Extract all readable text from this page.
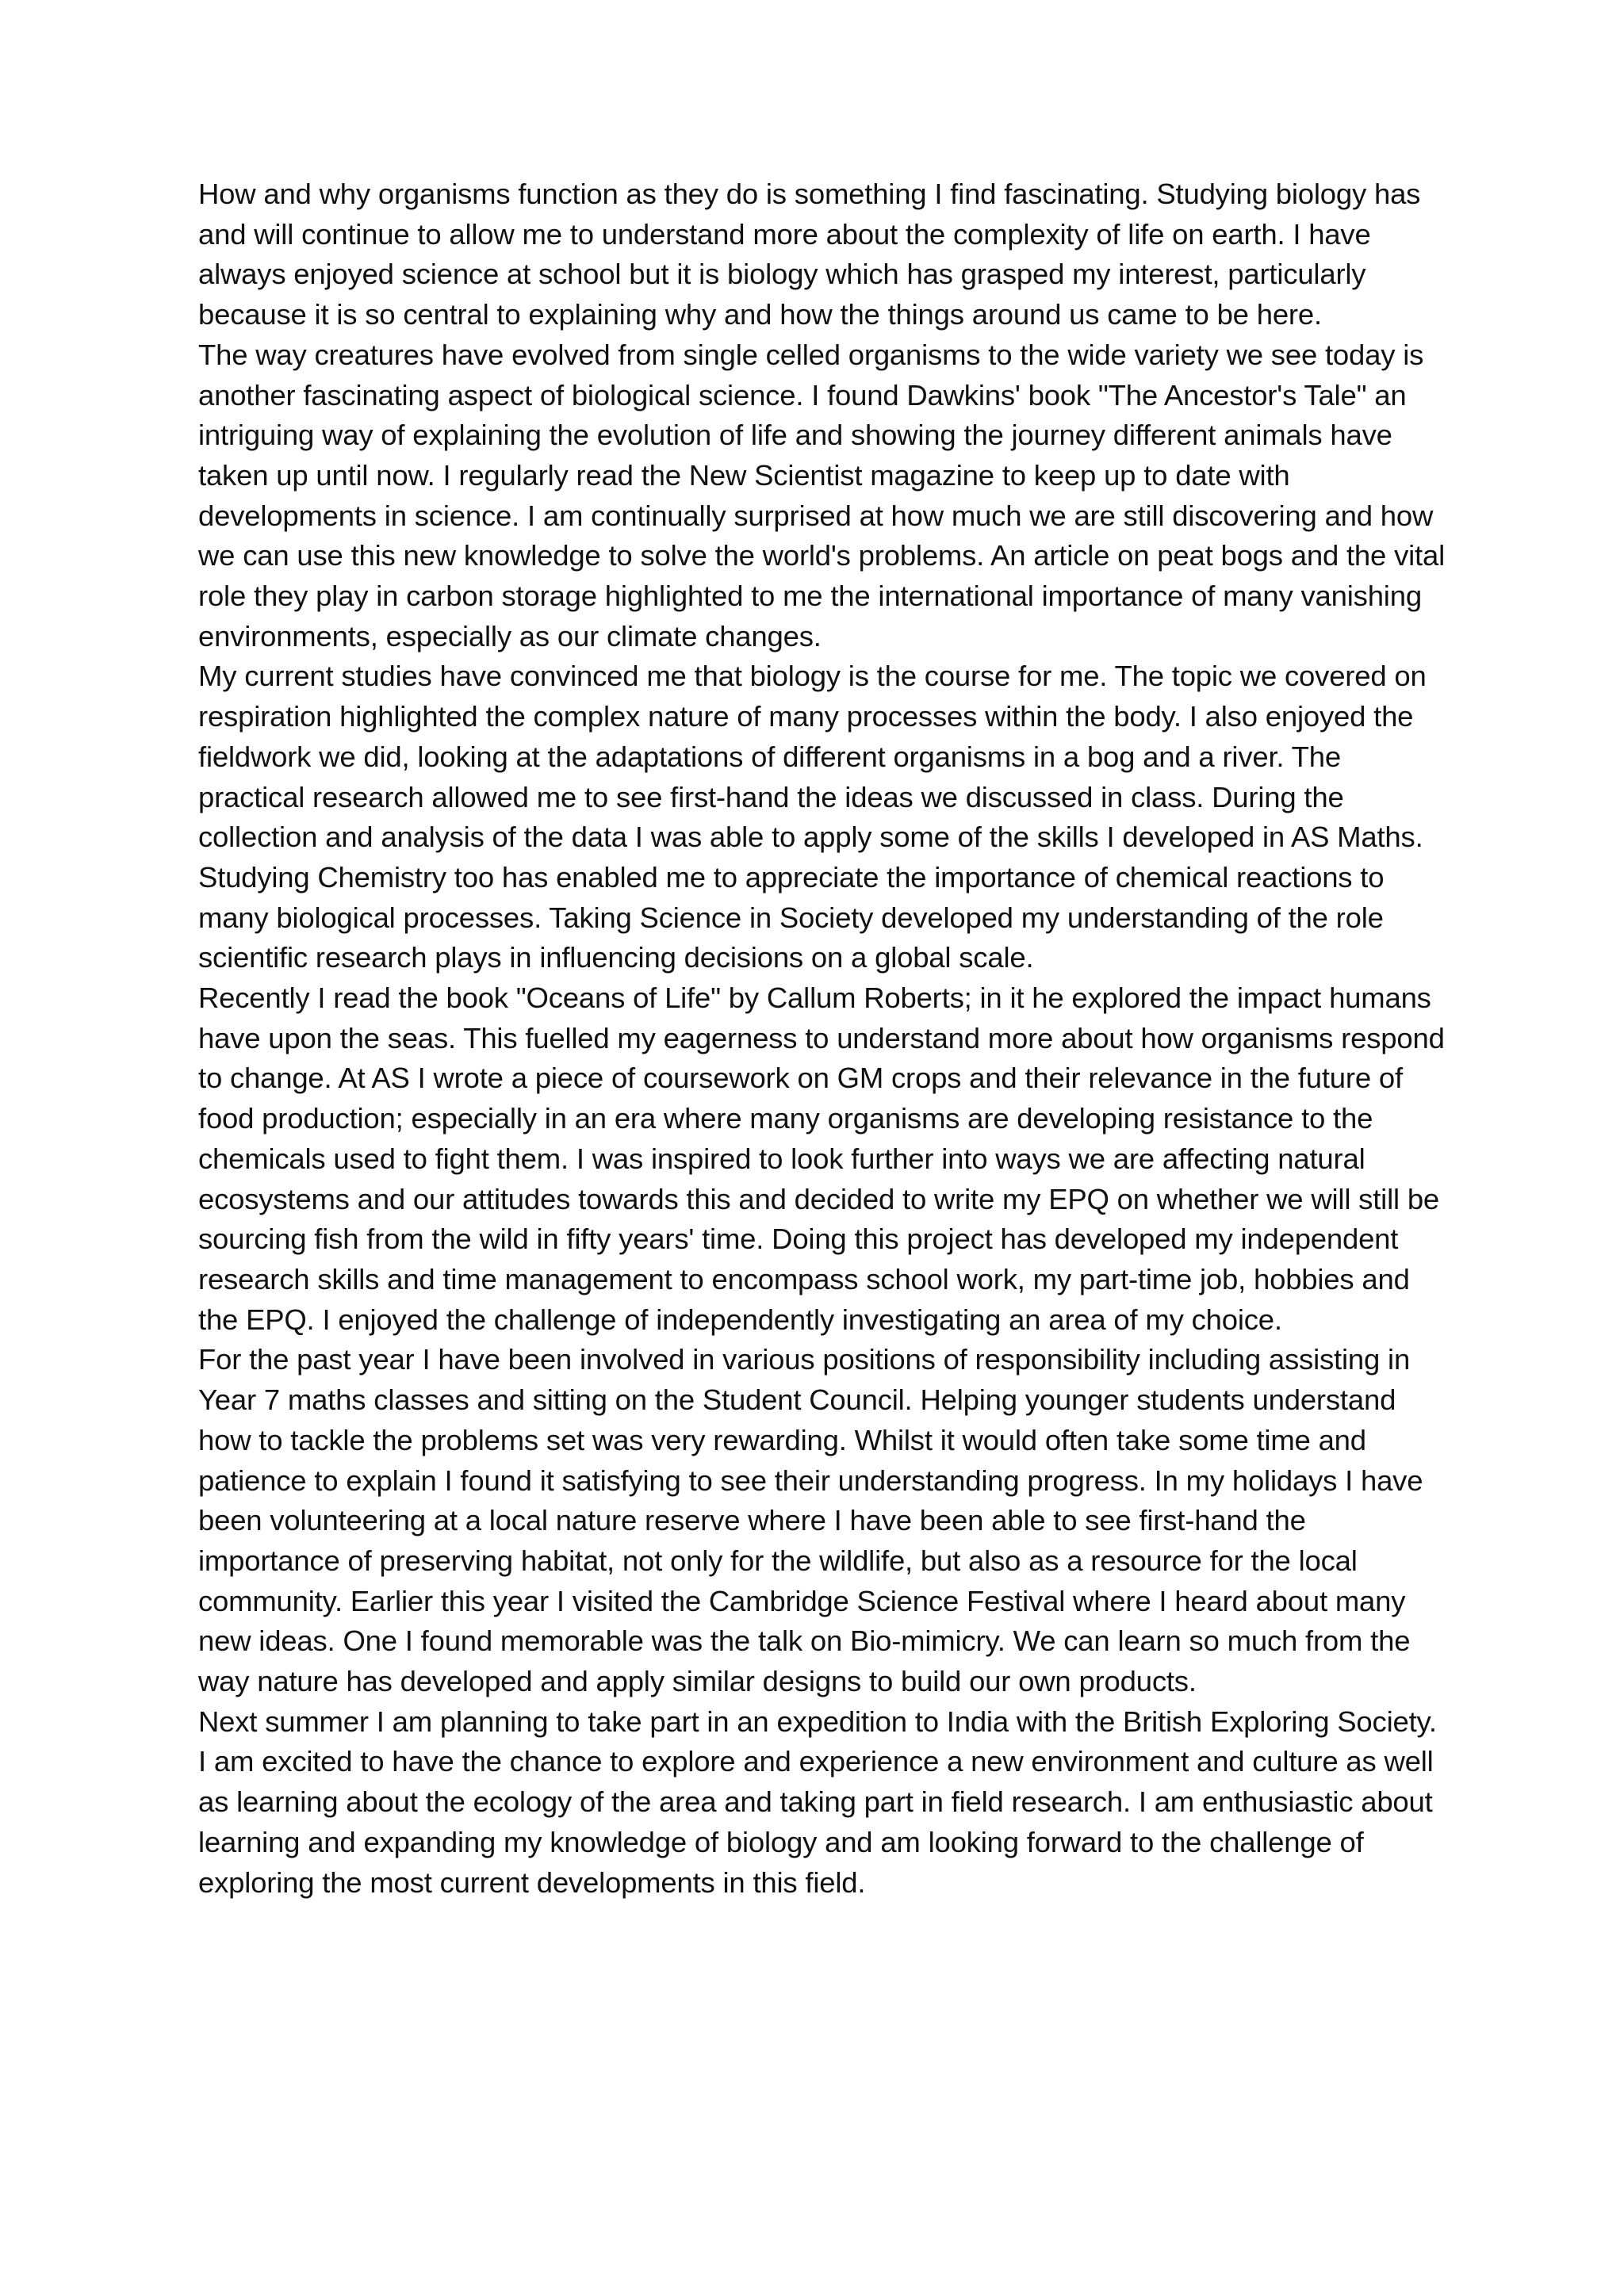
How and why organisms function as they do is something I find fascinating. Studying biology has and will continue to allow me to understand more about the complexity of life on earth. I have always enjoyed science at school but it is biology which has grasped my interest, particularly because it is so central to explaining why and how the things around us came to be here.

The way creatures have evolved from single celled organisms to the wide variety we see today is another fascinating aspect of biological science. I found Dawkins' book "The Ancestor's Tale" an intriguing way of explaining the evolution of life and showing the journey different animals have taken up until now. I regularly read the New Scientist magazine to keep up to date with developments in science. I am continually surprised at how much we are still discovering and how we can use this new knowledge to solve the world's problems. An article on peat bogs and the vital role they play in carbon storage highlighted to me the international importance of many vanishing environments, especially as our climate changes.

My current studies have convinced me that biology is the course for me. The topic we covered on respiration highlighted the complex nature of many processes within the body. I also enjoyed the fieldwork we did, looking at the adaptations of different organisms in a bog and a river. The practical research allowed me to see first-hand the ideas we discussed in class. During the collection and analysis of the data I was able to apply some of the skills I developed in AS Maths. Studying Chemistry too has enabled me to appreciate the importance of chemical reactions to many biological processes. Taking Science in Society developed my understanding of the role scientific research plays in influencing decisions on a global scale.

Recently I read the book "Oceans of Life" by Callum Roberts; in it he explored the impact humans have upon the seas. This fuelled my eagerness to understand more about how organisms respond to change. At AS I wrote a piece of coursework on GM crops and their relevance in the future of food production; especially in an era where many organisms are developing resistance to the chemicals used to fight them. I was inspired to look further into ways we are affecting natural ecosystems and our attitudes towards this and decided to write my EPQ on whether we will still be sourcing fish from the wild in fifty years' time. Doing this project has developed my independent research skills and time management to encompass school work, my part-time job, hobbies and the EPQ. I enjoyed the challenge of independently investigating an area of my choice.

For the past year I have been involved in various positions of responsibility including assisting in Year 7 maths classes and sitting on the Student Council. Helping younger students understand how to tackle the problems set was very rewarding. Whilst it would often take some time and patience to explain I found it satisfying to see their understanding progress. In my holidays I have been volunteering at a local nature reserve where I have been able to see first-hand the importance of preserving habitat, not only for the wildlife, but also as a resource for the local community. Earlier this year I visited the Cambridge Science Festival where I heard about many new ideas. One I found memorable was the talk on Bio-mimicry. We can learn so much from the way nature has developed and apply similar designs to build our own products.

Next summer I am planning to take part in an expedition to India with the British Exploring Society. I am excited to have the chance to explore and experience a new environment and culture as well as learning about the ecology of the area and taking part in field research. I am enthusiastic about learning and expanding my knowledge of biology and am looking forward to the challenge of exploring the most current developments in this field.
